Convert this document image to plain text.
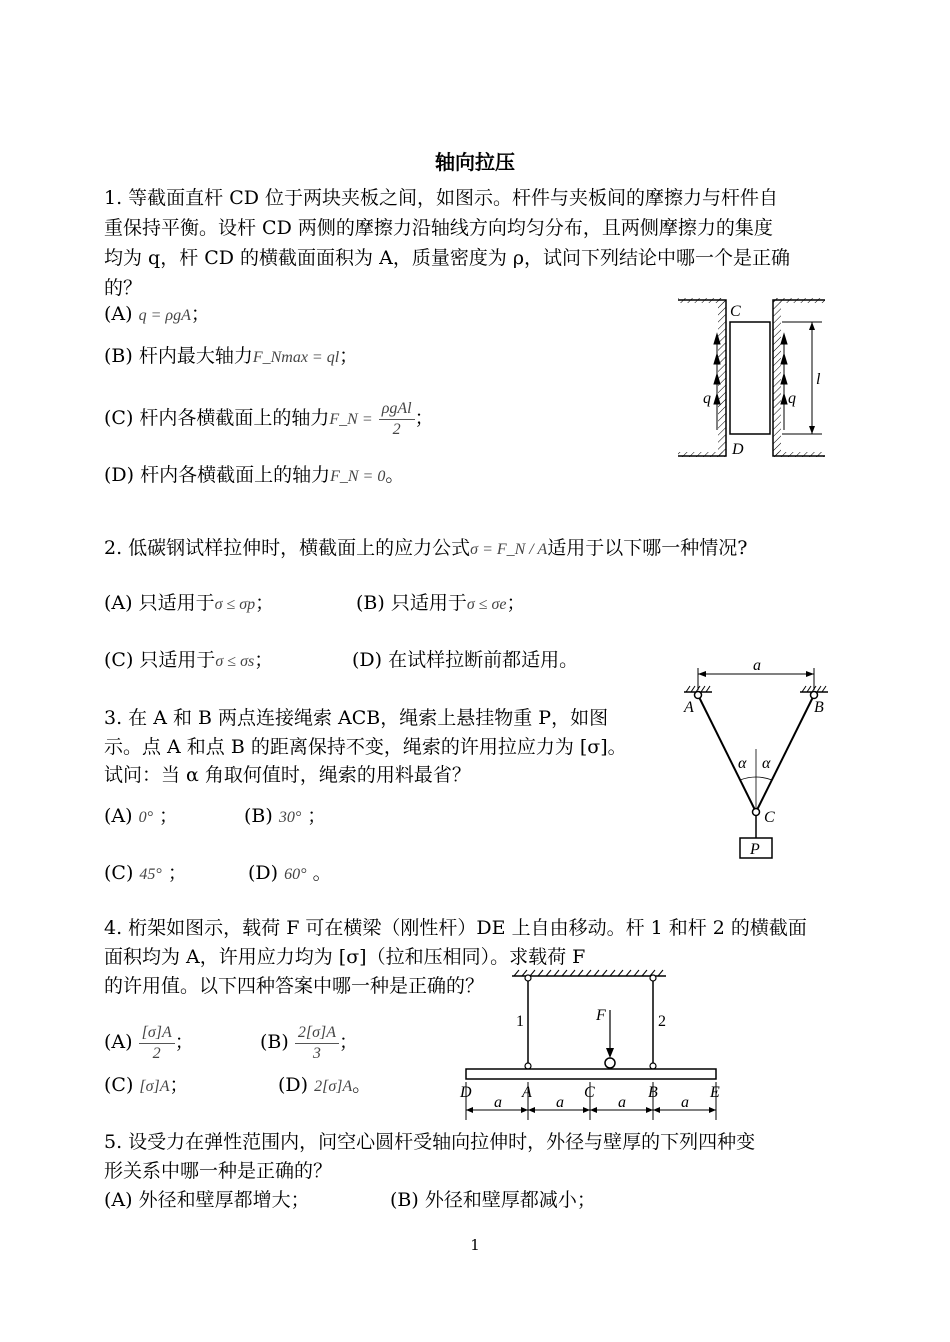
轴向拉压
1. 等截面直杆 CD 位于两块夹板之间，如图示。杆件与夹板间的摩擦力与杆件自
重保持平衡。设杆 CD 两侧的摩擦力沿轴线方向均匀分布，且两侧摩擦力的集度
均为 q，杆 CD 的横截面面积为 A，质量密度为 ρ，试问下列结论中哪一个是正确
的？
(A) q = ρgA；
(B) 杆内最大轴力F_Nmax = ql；
(C) 杆内各横截面上的轴力F_N = $\frac{\text{ρgAl}}{2}$ ；
(D) 杆内各横截面上的轴力F_N = 0。
C
D
q	q
l
2. 低碳钢试样拉伸时，横截面上的应力公式σ = F_N / A适用于以下哪一种情况?
(A) 只适用于σ ≤ σp；	(B) 只适用于σ ≤ σe；
(C) 只适用于σ ≤ σs；	(D) 在试样拉断前都适用。
3. 在 A 和 B 两点连接绳索 ACB，绳索上悬挂物重 P，如图
示。点 A 和点 B 的距离保持不变，绳索的许用拉应力为 [σ]。
试问：当 α 角取何值时，绳索的用料最省？
(A) 0° ；	(B) 30° ；
(C) 45° ；	(D) 60° 。
a
α α
P
A	B
C
4. 桁架如图示，载荷 F 可在横梁（刚性杆）DE 上自由移动。杆 1 和杆 2 的横截面
面积均为 A，许用应力均为 [σ]（拉和压相同）。求载荷 F
的许用值。以下四种答案中哪一种是正确的？
$(A) \frac{[\sigma]A}{2}$ ；	$(B) \frac{2[\sigma]A}{3}$ ；
(C) [σ]A；	(D) 2[σ]A。
F
1	2
D	A	C	B	E
a	a	a	a
5. 设受力在弹性范围内，问空心圆杆受轴向拉伸时，外径与壁厚的下列四种变
形关系中哪一种是正确的？
(A) 外径和壁厚都增大；	(B) 外径和壁厚都减小；
1
